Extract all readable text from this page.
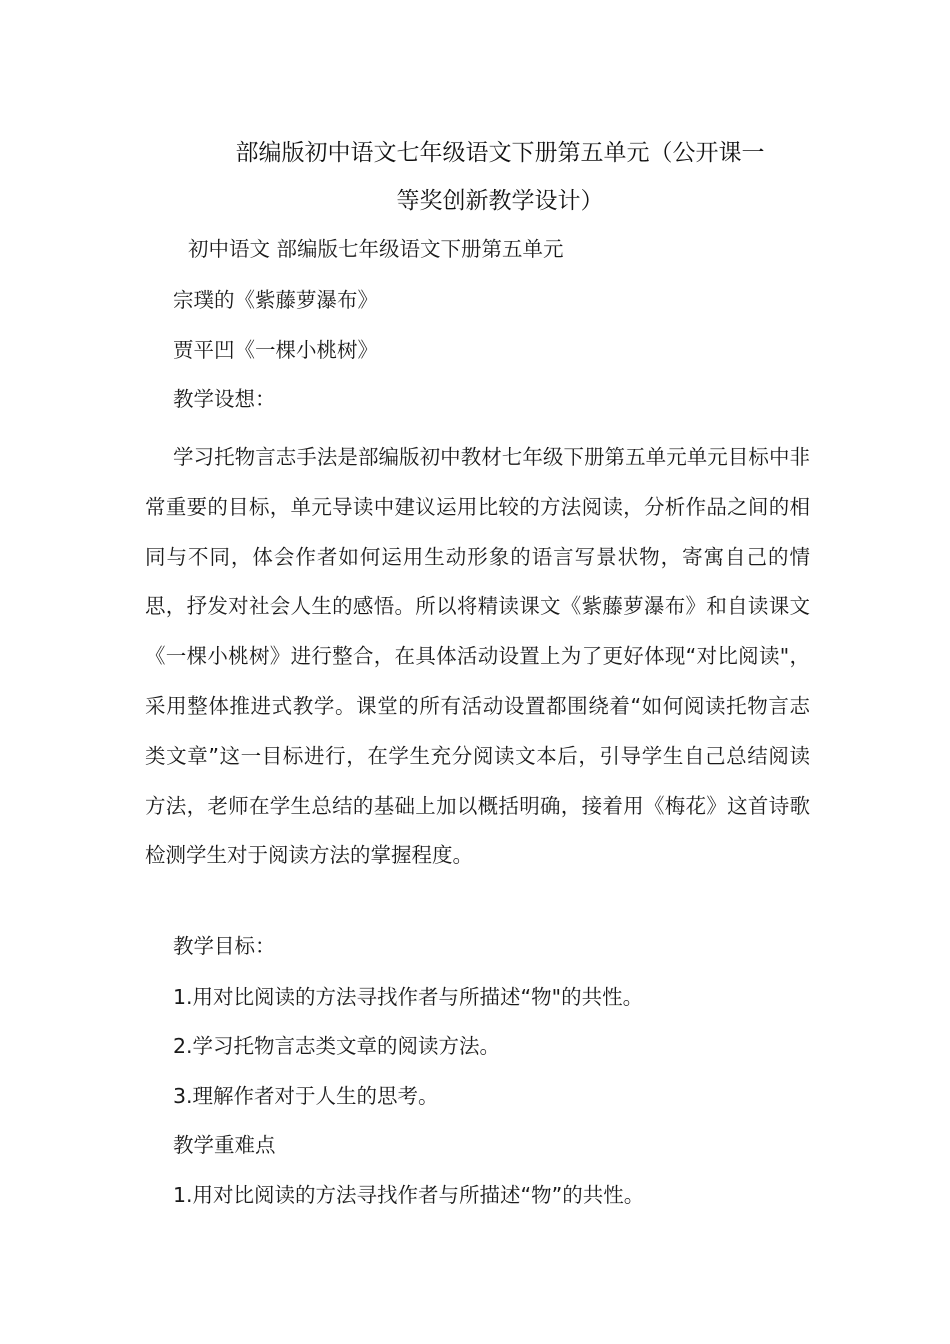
部编版初中语文七年级语文下册第五单元（公开课一
等奖创新教学设计）
初中语文 部编版七年级语文下册第五单元
宗璞的《紫藤萝瀑布》
贾平凹《一棵小桃树》
教学设想：
学习托物言志手法是部编版初中教材七年级下册第五单元单元目标中非常重要的目标，单元导读中建议运用比较的方法阅读，分析作品之间的相同与不同，体会作者如何运用生动形象的语言写景状物，寄寓自己的情思，抒发对社会人生的感悟。所以将精读课文《紫藤萝瀑布》和自读课文《一棵小桃树》进行整合，在具体活动设置上为了更好体现“对比阅读"，采用整体推进式教学。课堂的所有活动设置都围绕着“如何阅读托物言志类文章”这一目标进行，在学生充分阅读文本后，引导学生自己总结阅读方法，老师在学生总结的基础上加以概括明确，接着用《梅花》这首诗歌检测学生对于阅读方法的掌握程度。
教学目标：
1.用对比阅读的方法寻找作者与所描述“物"的共性。
2.学习托物言志类文章的阅读方法。
3.理解作者对于人生的思考。
教学重难点
1.用对比阅读的方法寻找作者与所描述“物”的共性。
